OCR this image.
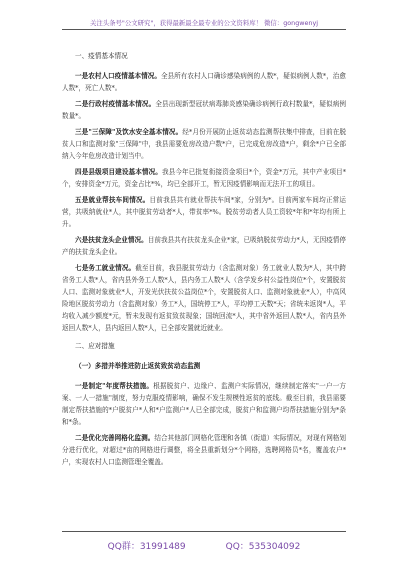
关注头条号"公文研究"，获得最新最全最专业的公文资料库！ 微信：gongwenyj

一、疫情基本情况

一是农村人口疫情基本情况。全县所有农村人口确诊感染病例的人数*，疑似病例人数*，治愈人数*，死亡人数*。

二是行政村疫情基本情况。全县出现新型冠状病毒肺炎感染确诊病例行政村数量*，疑似病例数量*。

三是"三保障"及饮水安全基本情况。经*月份开展防止返贫动态监测帮扶集中排查，目前在脱贫人口和监测对象"三保障"中，我县需要危房改造户数*户，已完成危房改造*户，剩余*户已全部纳入今年危房改造计划当中。

四是县级项目建设基本情况。我县今年已批复衔接资金项目*个，资金*万元，其中产业项目*个，安排资金*万元，资金占比*%，均已全部开工，暂无因疫情影响而无法开工的项目。

五是就业帮扶车间情况。目前我县共有就业帮扶车间*家，分别为*。目前两家车间均正常运营，共吸纳就业*人，其中脱贫劳动者*人，带贫率*%。脱贫劳动者人员工资较*年和*年均有所上升。

六是扶贫龙头企业情况。目前我县共有扶贫龙头企业*家，已吸纳脱贫劳动力*人，无因疫情停产的扶贫龙头企业。

七是务工就业情况。截至目前，我县脱贫劳动力（含监测对象）务工就业人数为*人，其中跨省务工人数*人，省内县外务工人数*人，县内务工人数*人（含学发乡村公益性岗位*个，安置脱贫人口、监测对象就业*人，开发光伏扶贫公益岗位*个，安置脱贫人口、监测对象就业*人），中高风险地区脱贫劳动力（含监测对象）务工*人，国统停工*人，平均停工天数*天；省统未返岗*人，平均收入减少额度*元，暂未发现有返贫致贫现象；国统回流*人，其中省外返回人数*人，省内县外返回人数*人，县内返回人数*人，已全部安置就近就业。

二、应对措施

（一）多措并举推进防止返贫致贫动态监测

一是制定"年度帮扶措施。根据脱贫户、边缘户、监测户实际情况，继续制定落实"一户一方案、一人一措施"制度，努力克服疫情影响，确保不发生规模性返贫的底线。截至目前，我县需要制定帮扶措施的*户脱贫户*人和*户监测户*人已全部完成，脱贫户和监测户均帮扶措施分别为*条和*条。

二是优化完善网格化监测。结合其他部门网格化管理和各镇（街道）实际情况，对现有网格划分进行优化，对超过*亩的网格进行调整，将全县重新划分*个网格，选聘网格员*名，覆盖农户*户，实现农村人口监测管理全覆盖。

QQ群：31991489	QQ：535304092
